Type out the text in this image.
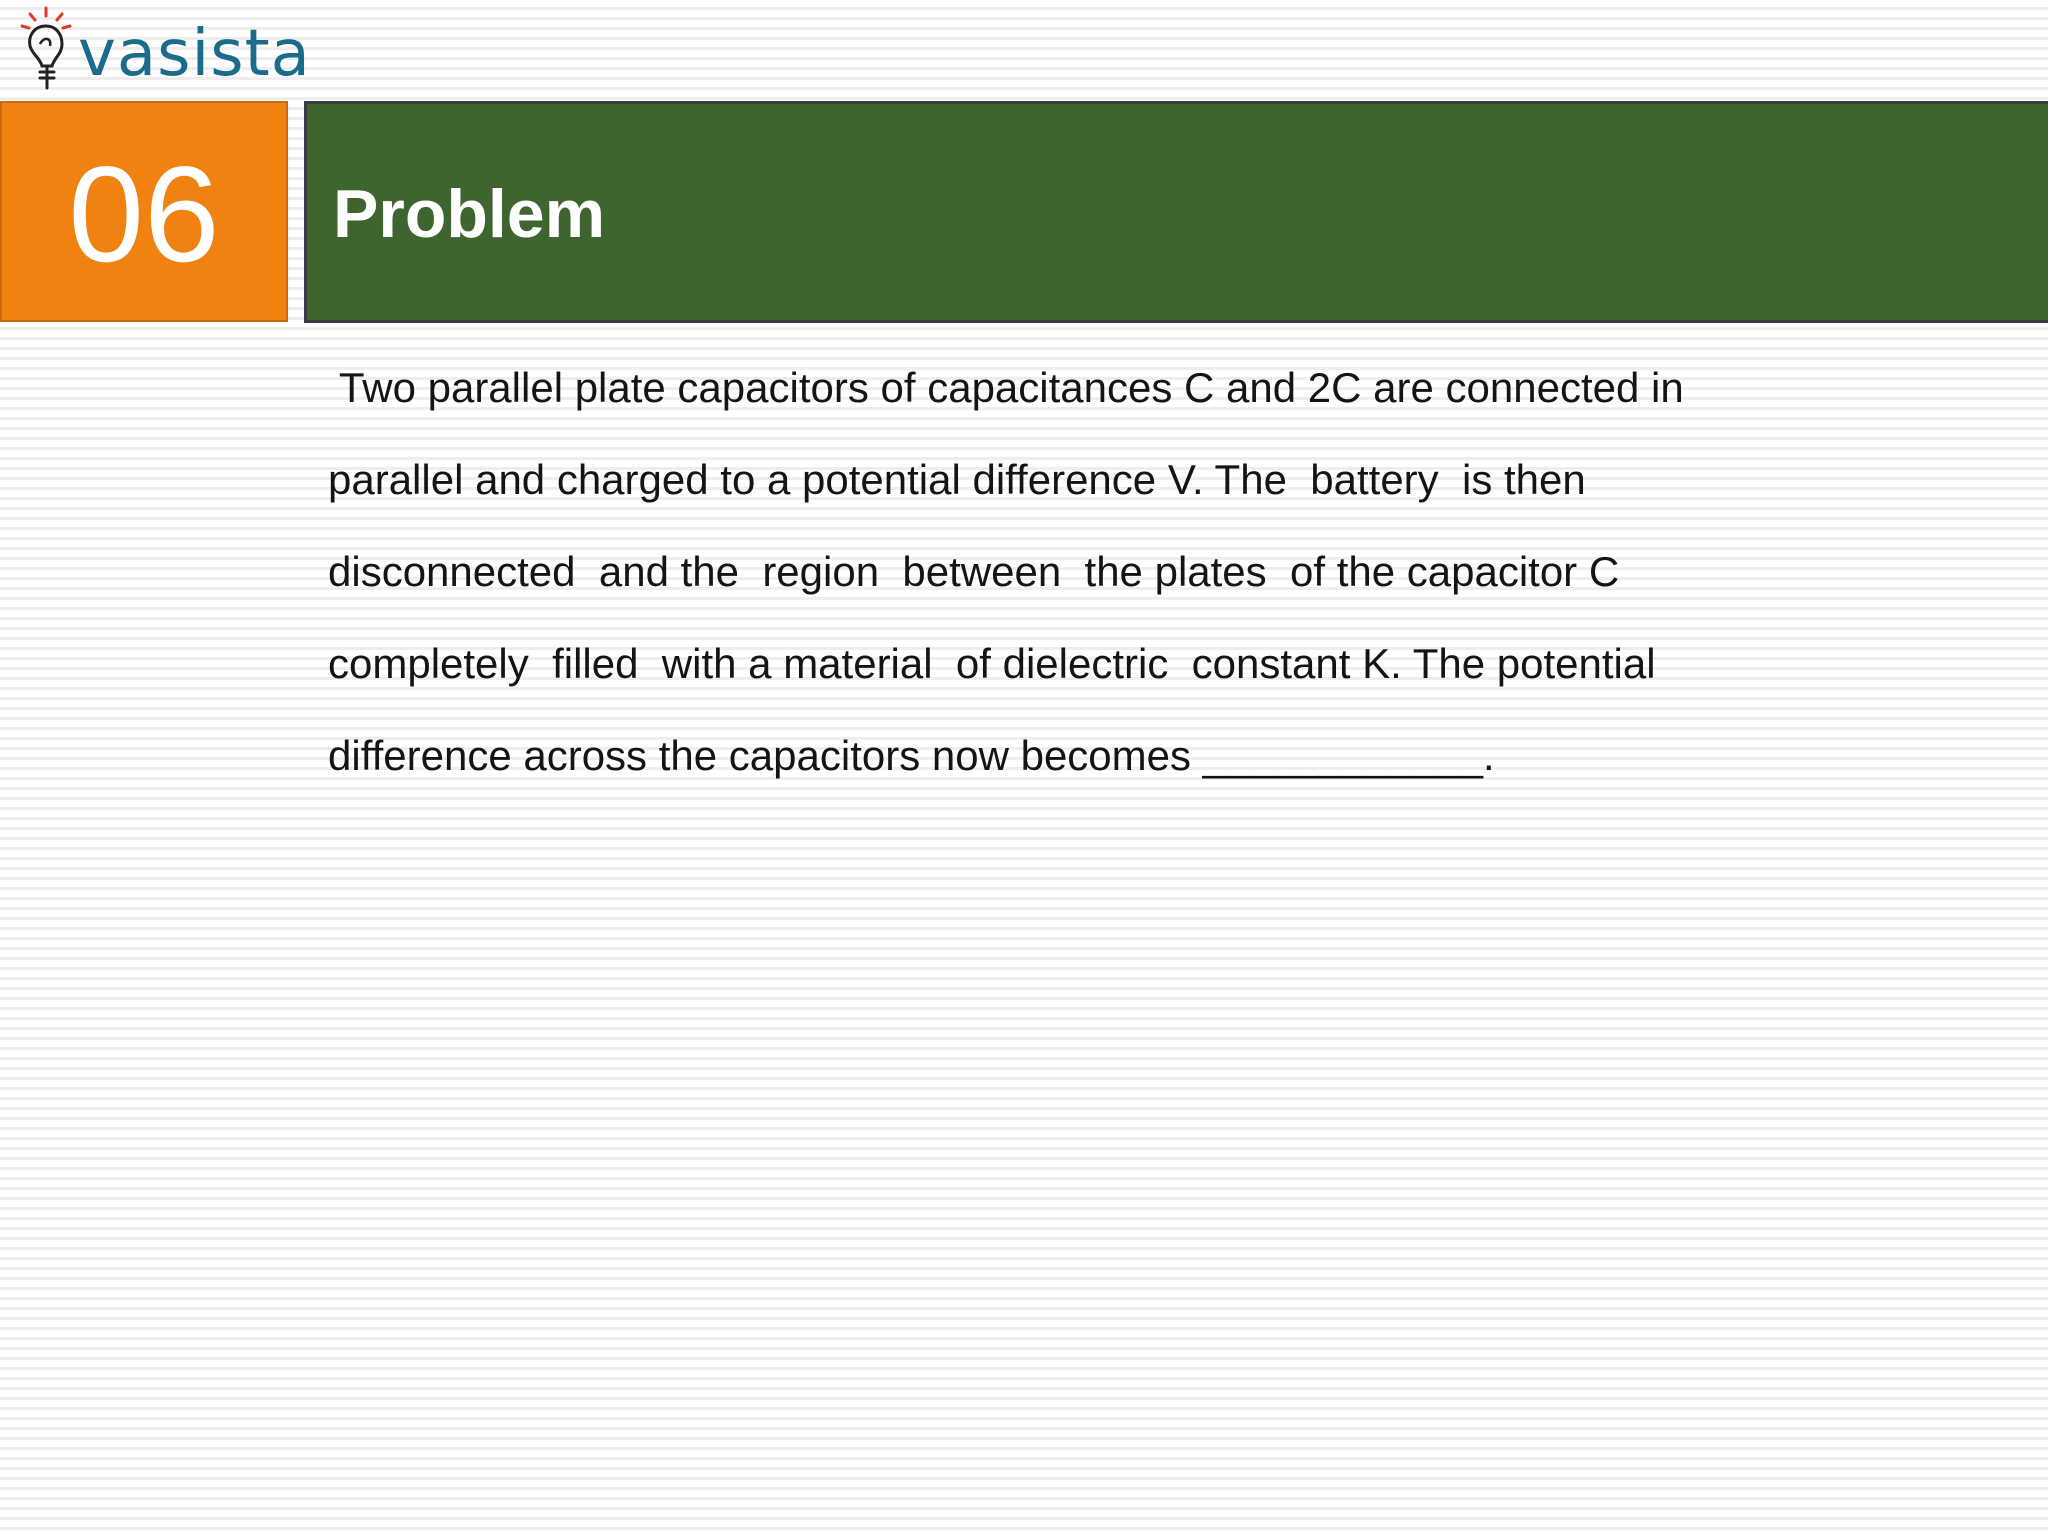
vasista
06 Problem
Two parallel plate capacitors of capacitances C and 2C are connected in
parallel and charged to a potential difference V. The  battery  is then
disconnected  and the  region  between  the plates  of the capacitor C
completely  filled  with a material  of dielectric  constant K. The potential
difference across the capacitors now becomes ____________.
